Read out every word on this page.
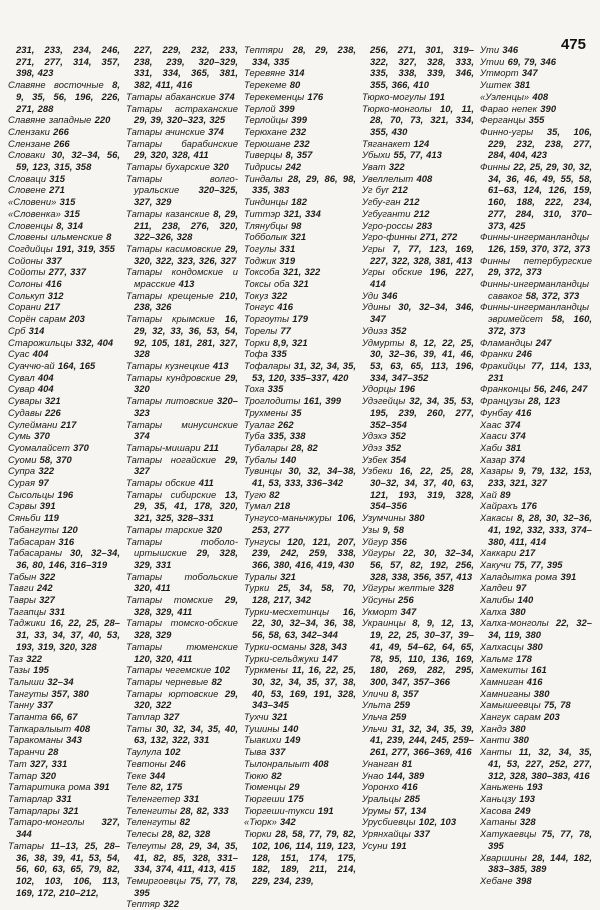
475
231, 233, 234, 246, 271, 277, 314, 357, 398, 423
Славяне восточные 8, 9, 35, 56, 196, 226, 271, 288
Славяне западные 220
Слензаки 266
Слензане 266
Словаки 30, 32–34, 56, 59, 123, 315, 358
Словаци 315
Словене 271
«Словени» 315
«Словенка» 315
Словенцы 8, 314
Словены ильменские 8
Согдийцы 191, 319, 355
Сойоны 337
Сойоты 277, 337
Солоны 416
Солькуп 312
Сорани 217
Сорён сарам 203
Срб 314
Старожильцы 332, 404
Суас 404
Суаччю-ай 164, 165
Сувал 404
Сувар 404
Сувары 321
Судавы 226
Сулеймани 217
Сумь 370
Суомалайсет 370
Суоми 58, 370
Супра 322
Сурая 97
Сысольцы 196
Сэрвы 391
Сяньби 119
Табангуты 120
Табасаран 316
Табасараны 30, 32–34, 36, 80, 146, 316–319
Табын 322
Тавги 242
Тавры 327
Тагапцы 331
Таджики 16, 22, 25, 28–31, 33, 34, 37, 40, 53, 193, 319, 320, 328
Таз 322
Тазы 195
Талыши 32–34
Тангуты 357, 380
Танну 337
Тапанта 66, 67
Тапкаралыыт 408
Таракоманы 343
Таранчи 28
Тат 327, 331
Татар 320
Татаритика рома 391
Татарлар 331
Татарлары 321
Татаро-монголы 327, 344
Татары 11–13, 25, 28–36, 38, 39, 41, 53, 54, 56, 60, 63, 65, 79, 82, 102, 103, 106, 113, 169, 172, 210–212,
227, 229, 232, 233, 238, 239, 320–329, 331, 334, 365, 381, 382, 411, 416
Татары абаканские 374
Татары астраханские 29, 39, 320–323, 325
Татары ачинские 374
Татары барабинские 29, 320, 328, 411
Татары бухарские 320
Татары волго-уральские 320–325, 327, 329
Татары казанские 8, 29, 211, 238, 276, 320, 322–326, 328
Татары касимовские 29, 320, 322, 323, 326, 327
Татары кондомские и мрасские 413
Татары крещеные 210, 238, 326
Татары крымские 16, 29, 32, 33, 36, 53, 54, 92, 105, 181, 281, 327, 328
Татары кузнецкие 413
Татары кундровские 29, 320
Татары литовские 320–323
Татары минусинские 374
Татары-мишари 211
Татары ногайские 29, 327
Татары обские 411
Татары сибирские 13, 29, 35, 41, 178, 320, 321, 325, 328–331
Татары тарские 320
Татары тоболо-иртышские 29, 328, 329, 331
Татары тобольские 320, 411
Татары томские 29, 328, 329, 411
Татары томско-обские 328, 329
Татары тюменские 120, 320, 411
Татары чегемские 102
Татары черневые 82
Татары юртовские 29, 320, 322
Татлар 327
Таты 30, 32, 34, 35, 40, 63, 132, 322, 331
Таулула 102
Тевтоны 246
Теке 344
Теле 82, 175
Теленгетер 331
Теленгиты 28, 82, 333
Теленгуты 82
Телесы 28, 82, 328
Телеуты 28, 29, 34, 35, 41, 82, 85, 328, 331–334, 374, 411, 413, 415
Темиргоевцы 75, 77, 78, 395
Тептяр 322
Тептяри 28, 29, 238, 334, 335
Теревяне 314
Терекеме 80
Терекеменцы 176
Терлой 399
Терлойцы 399
Терюхане 232
Терюшане 232
Тиверцы 8, 357
Тидрисы 242
Тиндалы 28, 29, 86, 98, 335, 383
Тиндинцы 182
Титтэр 321, 334
Тлянубцы 98
Тобболык 321
Тогулы 331
Тоджик 319
Токсоба 321, 322
Токсы оба 321
Токуз 322
Тонгус 416
Торгоуты 179
Торелы 77
Торки 8,9, 321
Тофа 335
Тофалары 31, 32, 34, 35, 53, 120, 335–337, 420
Тоха 335
Троглодиты 161, 399
Трухмены 35
Туалаг 262
Туба 335, 338
Тубалары 28, 82
Тубалы 140
Тувинцы 30, 32, 34–38, 41, 53, 333, 336–342
Тугю 82
Тумал 218
Тунгусо-маньчжуры 106, 253, 277
Тунгусы 120, 121, 207, 239, 242, 259, 338, 366, 380, 416, 419, 430
Туралы 321
Турки 25, 34, 58, 70, 128, 217, 342
Турки-месхетинцы 16, 22, 30, 32–34, 36, 38, 56, 58, 63, 342–344
Турки-османы 328, 343
Турки-сельджуки 147
Туркмены 11, 16, 22, 25, 30, 32, 34, 35, 37, 38, 40, 53, 169, 191, 328, 343–345
Тухчи 321
Тушины 140
Тыакихи 149
Тыва 337
Тылонралыыт 408
Тюкю 82
Тюменцы 29
Тюргеши 175
Тюргеши-тукси 191
«Тюрк» 342
Тюрки 28, 58, 77, 79, 82, 102, 106, 114, 119, 123, 128, 151, 174, 175, 182, 189, 211, 214, 229, 234, 239,
256, 271, 301, 319–322, 327, 328, 333, 335, 338, 339, 346, 355, 366, 410
Тюрко-могулы 191
Тюрко-монголы 10, 11, 28, 70, 73, 321, 334, 355, 430
Тяганакет 124
Убыхи 55, 77, 413
Уват 322
Увеллелыт 408
Уг бyr 212
Угбу-ган 212
Угбуганти 212
Угро-россы 283
Угро-финны 271, 272
Угры 7, 77, 123, 169, 227, 322, 328, 381, 413
Угры обские 196, 227, 414
Уди 346
Удины 30, 32–34, 346, 347
Удиэз 352
Удмурты 8, 12, 22, 25, 30, 32–36, 39, 41, 46, 53, 63, 65, 113, 196, 334, 347–352
Удорцы 196
Удэгейцы 32, 34, 35, 53, 195, 239, 260, 277, 352–354
Удэхэ 352
Удэз 352
Узбек 354
Узбеки 16, 22, 25, 28, 30–32, 34, 37, 40, 63, 121, 193, 319, 328, 354–356
Узумчины 380
Узы 9, 58
Уйгур 356
Уйгуры 22, 30, 32–34, 56, 57, 82, 192, 256, 328, 338, 356, 357, 413
Уйгуры желтые 328
Уйсуны 256
Укморт 347
Украинцы 8, 9, 12, 13, 19, 22, 25, 30–37, 39–41, 49, 54–62, 64, 65, 78, 95, 110, 136, 169, 180, 269, 282, 295, 300, 347, 357–366
Уличи 8, 357
Ульта 259
Ульча 259
Ульчи 31, 32, 34, 35, 39, 41, 239, 244, 245, 259–261, 277, 366–369, 416
Унанган 81
Унао 144, 389
Уоронхо 416
Уральцы 285
Урумы 57, 134
Урусбиевцы 102, 103
Урянхайцы 337
Усуни 191
Ути 346
Утии 69, 79, 346
Утморт 347
Уштек 381
«Уэленцы» 408
Фарао непек 390
Ферганцы 355
Финно-угры 35, 106, 229, 232, 238, 277, 284, 404, 423
Финны 22, 25, 29, 30, 32, 34, 36, 46, 49, 55, 58, 61–63, 124, 126, 159, 160, 188, 222, 234, 277, 284, 310, 370–373, 425
Финны-ингерманландцы 126, 159, 370, 372, 373
Финны петербургские 29, 372, 373
Финны-ингерманландцы саваког 58, 372, 373
Финны-ингерманландцы эвримейсет 58, 160, 372, 373
Фламандцы 247
Франки 246
Фракийцы 77, 114, 133, 231
Франконцы 56, 246, 247
Французы 28, 123
Фунбау 416
Хаас 374
Хааси 374
Хаби 381
Хазар 374
Хазары 9, 79, 132, 153, 233, 321, 327
Хай 89
Хайрахъ 176
Хакасы 8, 28, 30, 32–36, 41, 192, 332, 333, 374–380, 411, 414
Хаккари 217
Хакучи 75, 77, 395
Халадытка рома 391
Халдеи 97
Халибы 140
Халха 380
Халха-монголы 22, 32–34, 119, 380
Халхасцы 380
Хальмг 178
Хамекиты 161
Хамниган 416
Хамниганы 380
Хамышеевцы 75, 78
Хангук сарам 203
Хандэ 380
Ханти 380
Ханты 11, 32, 34, 35, 41, 53, 227, 252, 277, 312, 328, 380–383, 416
Ханьжень 193
Ханьцзу 193
Хасова 249
Хатаны 328
Хатукаевцы 75, 77, 78, 395
Хваршины 28, 144, 182, 383–385, 389
Хебане 398
